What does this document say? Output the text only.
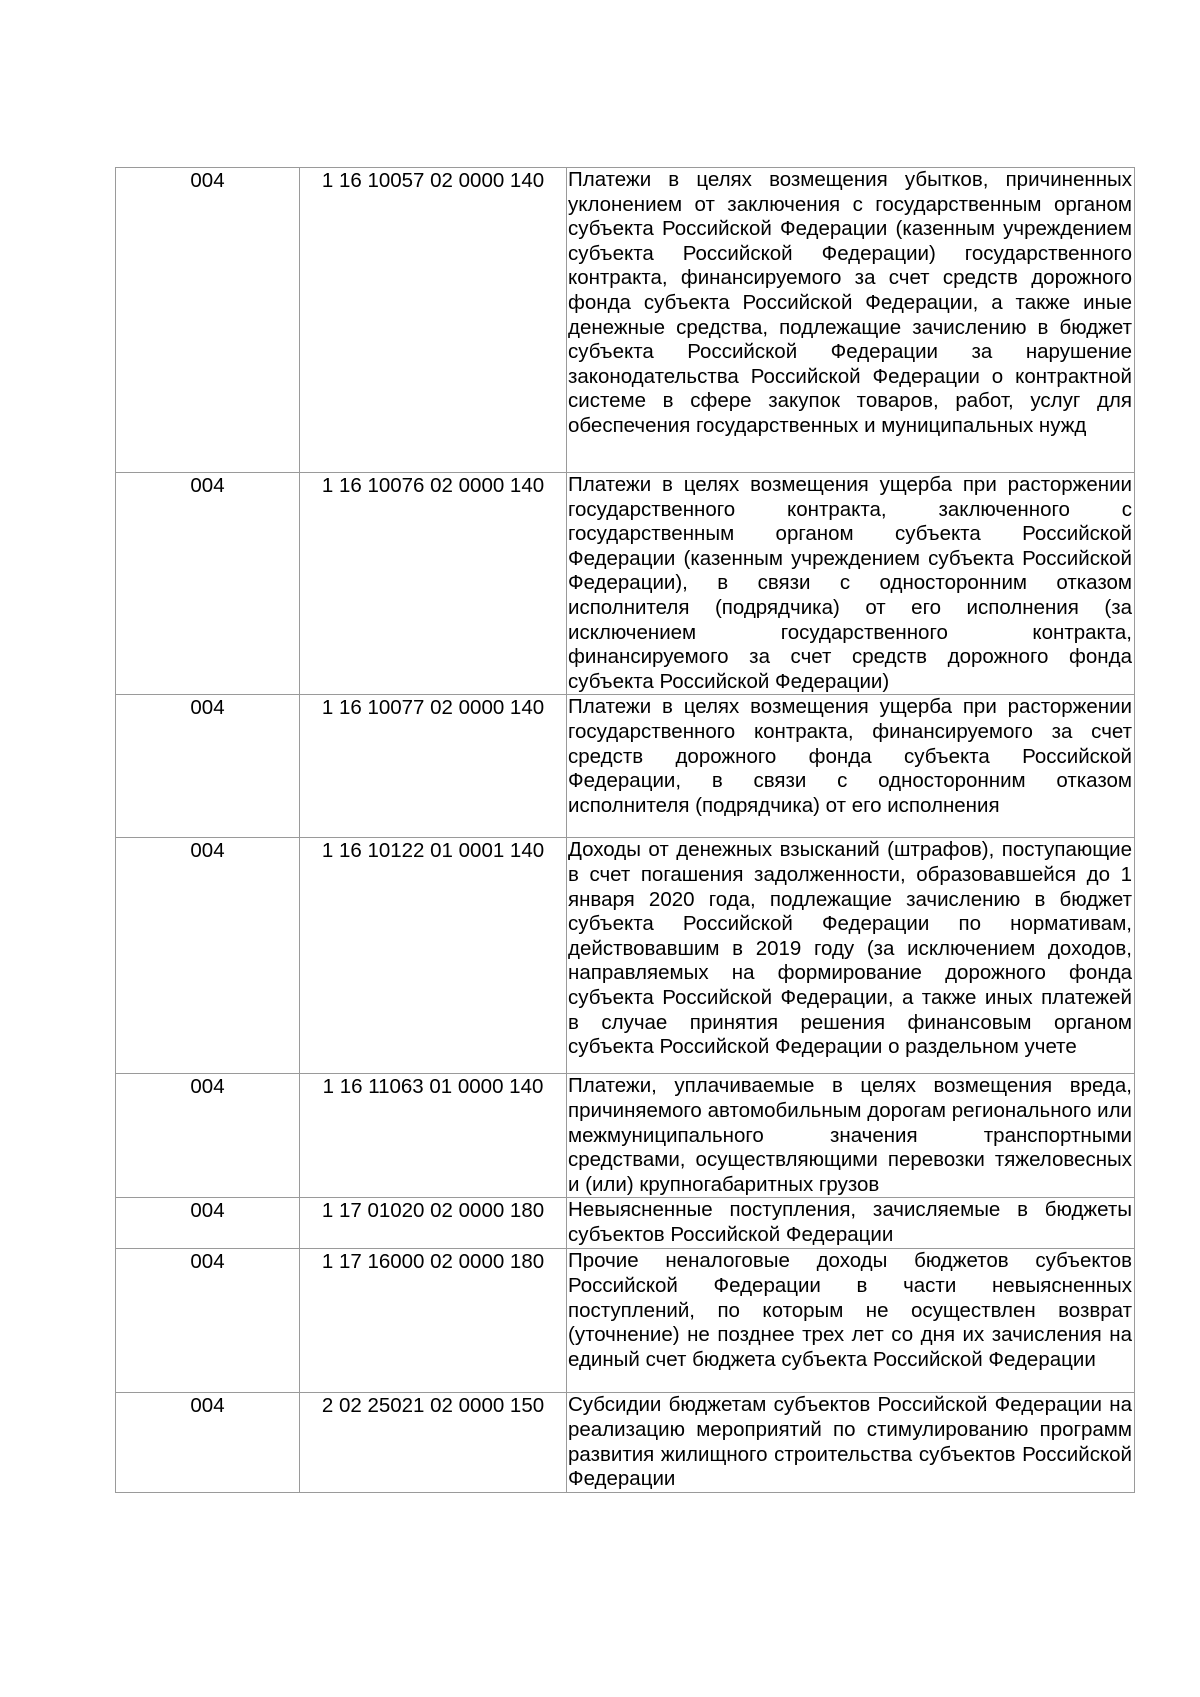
004	1 16 10057 02 0000 140	Платежи в целях возмещения убытков, причиненных уклонением от заключения с государственным органом субъекта Российской Федерации (казенным учреждением субъекта Российской Федерации) государственного контракта, финансируемого за счет средств дорожного фонда субъекта Российской Федерации, а также иные денежные средства, подлежащие зачислению в бюджет субъекта Российской Федерации за нарушение законодательства Российской Федерации о контрактной системе в сфере закупок товаров, работ, услуг для обеспечения государственных и муниципальных нужд

004	1 16 10076 02 0000 140	Платежи в целях возмещения ущерба при расторжении государственного контракта, заключенного с государственным органом субъекта Российской Федерации (казенным учреждением субъекта Российской Федерации), в связи с односторонним отказом исполнителя (подрядчика) от его исполнения (за исключением государственного контракта, финансируемого за счет средств дорожного фонда субъекта Российской Федерации)

004	1 16 10077 02 0000 140	Платежи в целях возмещения ущерба при расторжении государственного контракта, финансируемого за счет средств дорожного фонда субъекта Российской Федерации, в связи с односторонним отказом исполнителя (подрядчика) от его исполнения

004	1 16 10122 01 0001 140	Доходы от денежных взысканий (штрафов), поступающие в счет погашения задолженности, образовавшейся до 1 января 2020 года, подлежащие зачислению в бюджет субъекта Российской Федерации по нормативам, действовавшим в 2019 году (за исключением доходов, направляемых на формирование дорожного фонда субъекта Российской Федерации, а также иных платежей в случае принятия решения финансовым органом субъекта Российской Федерации о раздельном учете

004	1 16 11063 01 0000 140	Платежи, уплачиваемые в целях возмещения вреда, причиняемого автомобильным дорогам регионального или межмуниципального значения транспортными средствами, осуществляющими перевозки тяжеловесных и (или) крупногабаритных грузов

004	1 17 01020 02 0000 180	Невыясненные поступления, зачисляемые в бюджеты субъектов Российской Федерации

004	1 17 16000 02 0000 180	Прочие неналоговые доходы бюджетов субъектов Российской Федерации в части невыясненных поступлений, по которым не осуществлен возврат (уточнение) не позднее трех лет со дня их зачисления на единый счет бюджета субъекта Российской Федерации

004	2 02 25021 02 0000 150	Субсидии бюджетам субъектов Российской Федерации на реализацию мероприятий по стимулированию программ развития жилищного строительства субъектов Российской Федерации
